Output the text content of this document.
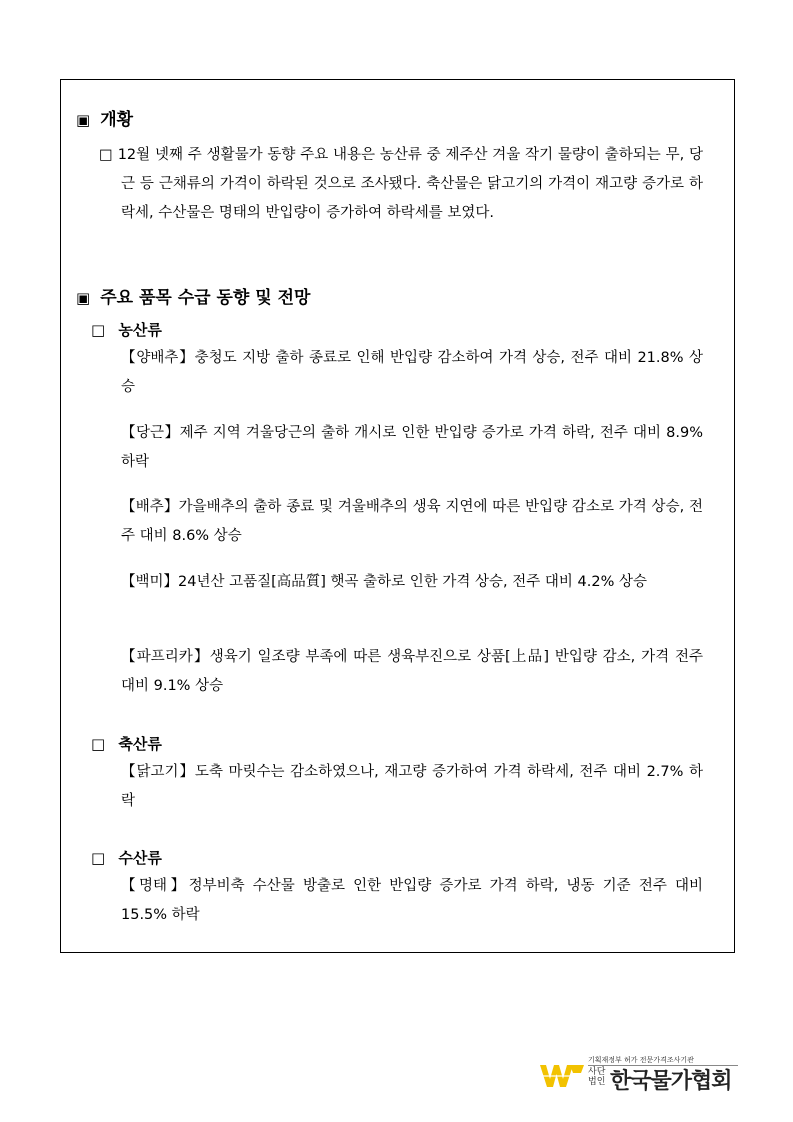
▣ 개황
□ 12월 넷째 주 생활물가 동향 주요 내용은 농산류 중 제주산 겨울 작기 물량이 출하되는 무, 당근 등 근채류의 가격이 하락된 것으로 조사됐다. 축산물은 닭고기의 가격이 재고량 증가로 하락세, 수산물은 명태의 반입량이 증가하여 하락세를 보였다.
▣ 주요 품목 수급 동향 및 전망
□ 농산류
【양배추】충청도 지방 출하 종료로 인해 반입량 감소하여 가격 상승, 전주 대비 21.8% 상승
【당근】제주 지역 겨울당근의 출하 개시로 인한 반입량 증가로 가격 하락, 전주 대비 8.9% 하락
【배추】가을배추의 출하 종료 및 겨울배추의 생육 지연에 따른 반입량 감소로 가격 상승, 전주 대비 8.6% 상승
【백미】24년산 고품질[高品質] 햇곡 출하로 인한 가격 상승, 전주 대비 4.2% 상승
【파프리카】생육기 일조량 부족에 따른 생육부진으로 상품[上品] 반입량 감소, 가격 전주 대비 9.1% 상승
□ 축산류
【닭고기】도축 마릿수는 감소하였으나, 재고량 증가하여 가격 하락세, 전주 대비 2.7% 하락
□ 수산류
【명태】정부비축 수산물 방출로 인한 반입량 증가로 가격 하락, 냉동 기준 전주 대비 15.5% 하락
기획재정부 허가 전문가격조사기관
사단법인 한국물가협회
